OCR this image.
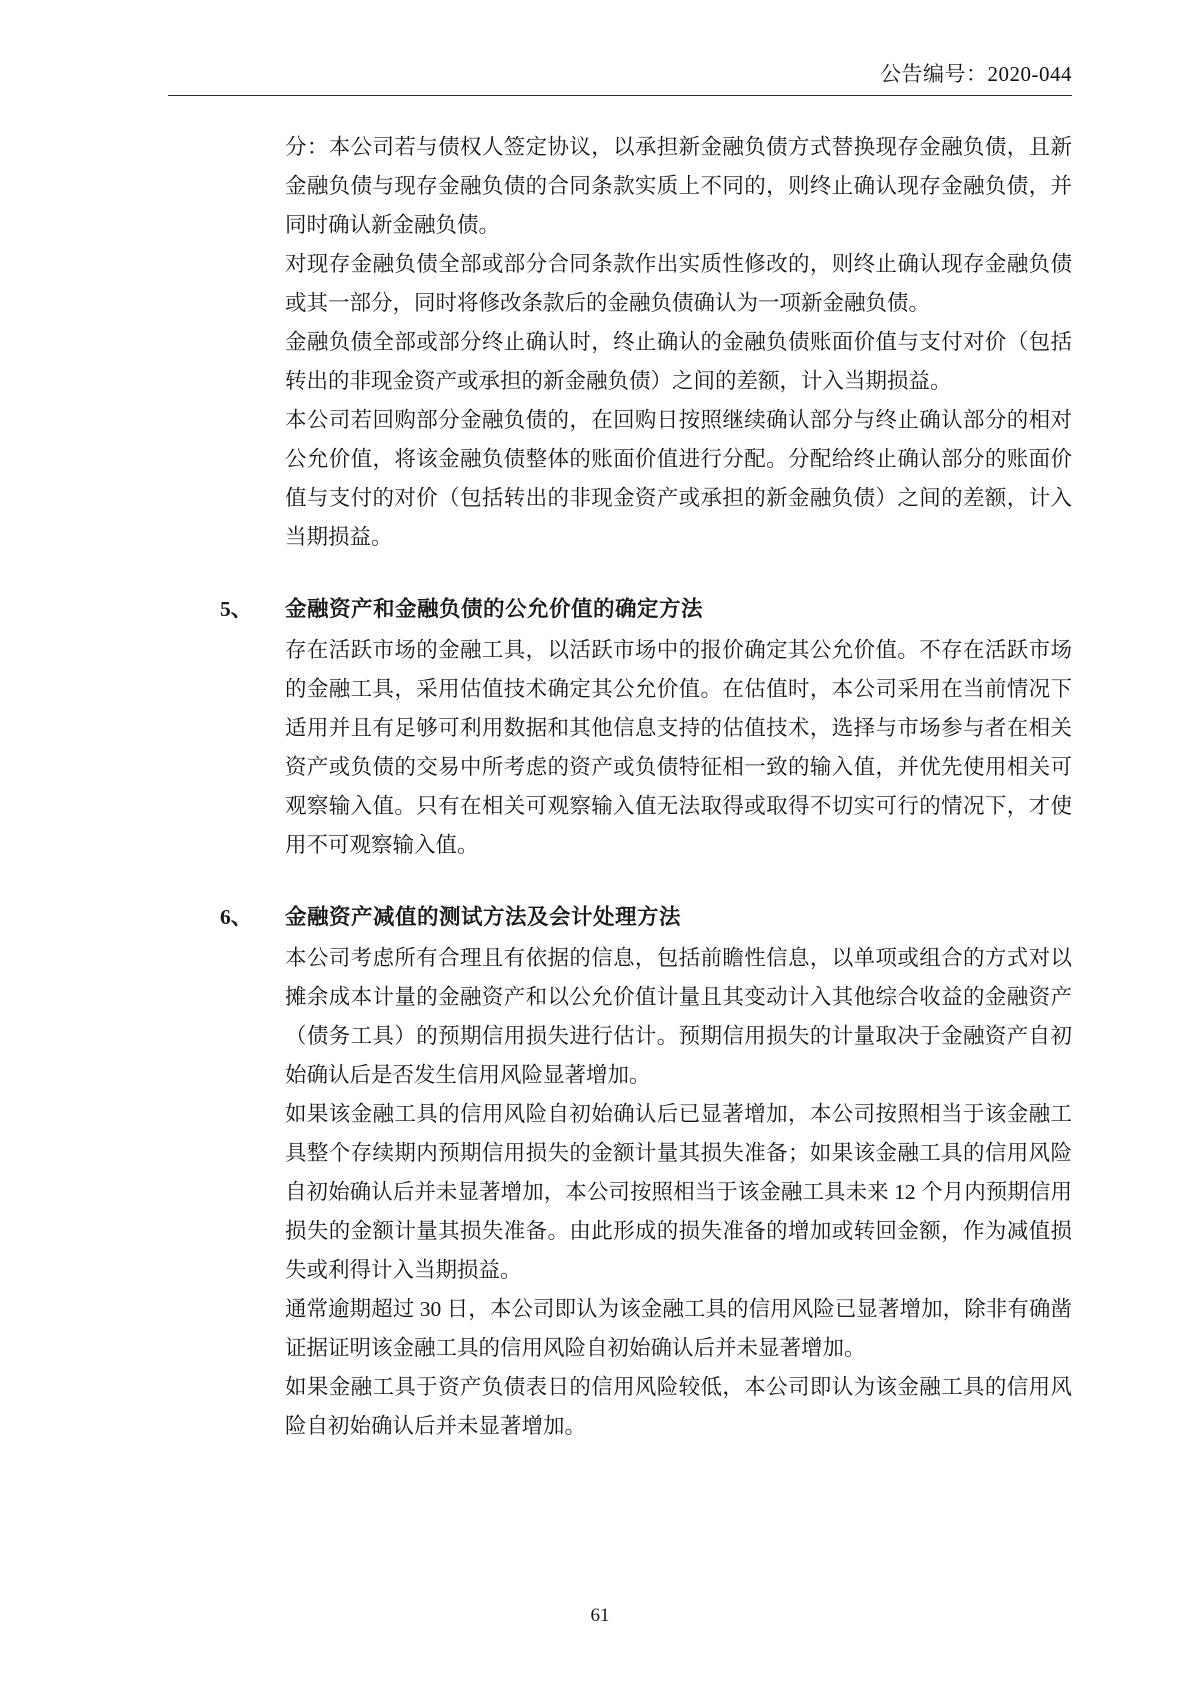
公告编号：2020-044

分：本公司若与债权人签定协议，以承担新金融负债方式替换现存金融负债，且新金融负债与现存金融负债的合同条款实质上不同的，则终止确认现存金融负债，并同时确认新金融负债。

对现存金融负债全部或部分合同条款作出实质性修改的，则终止确认现存金融负债或其一部分，同时将修改条款后的金融负债确认为一项新金融负债。

金融负债全部或部分终止确认时，终止确认的金融负债账面价值与支付对价（包括转出的非现金资产或承担的新金融负债）之间的差额，计入当期损益。

本公司若回购部分金融负债的，在回购日按照继续确认部分与终止确认部分的相对公允价值，将该金融负债整体的账面价值进行分配。分配给终止确认部分的账面价值与支付的对价（包括转出的非现金资产或承担的新金融负债）之间的差额，计入当期损益。

5、	金融资产和金融负债的公允价值的确定方法

存在活跃市场的金融工具，以活跃市场中的报价确定其公允价值。不存在活跃市场的金融工具，采用估值技术确定其公允价值。在估值时，本公司采用在当前情况下适用并且有足够可利用数据和其他信息支持的估值技术，选择与市场参与者在相关资产或负债的交易中所考虑的资产或负债特征相一致的输入值，并优先使用相关可观察输入值。只有在相关可观察输入值无法取得或取得不切实可行的情况下，才使用不可观察输入值。

6、	金融资产减值的测试方法及会计处理方法

本公司考虑所有合理且有依据的信息，包括前瞻性信息，以单项或组合的方式对以摊余成本计量的金融资产和以公允价值计量且其变动计入其他综合收益的金融资产（债务工具）的预期信用损失进行估计。预期信用损失的计量取决于金融资产自初始确认后是否发生信用风险显著增加。

如果该金融工具的信用风险自初始确认后已显著增加，本公司按照相当于该金融工具整个存续期内预期信用损失的金额计量其损失准备；如果该金融工具的信用风险自初始确认后并未显著增加，本公司按照相当于该金融工具未来 12 个月内预期信用损失的金额计量其损失准备。由此形成的损失准备的增加或转回金额，作为减值损失或利得计入当期损益。

通常逾期超过 30 日，本公司即认为该金融工具的信用风险已显著增加，除非有确凿证据证明该金融工具的信用风险自初始确认后并未显著增加。

如果金融工具于资产负债表日的信用风险较低，本公司即认为该金融工具的信用风险自初始确认后并未显著增加。

61
